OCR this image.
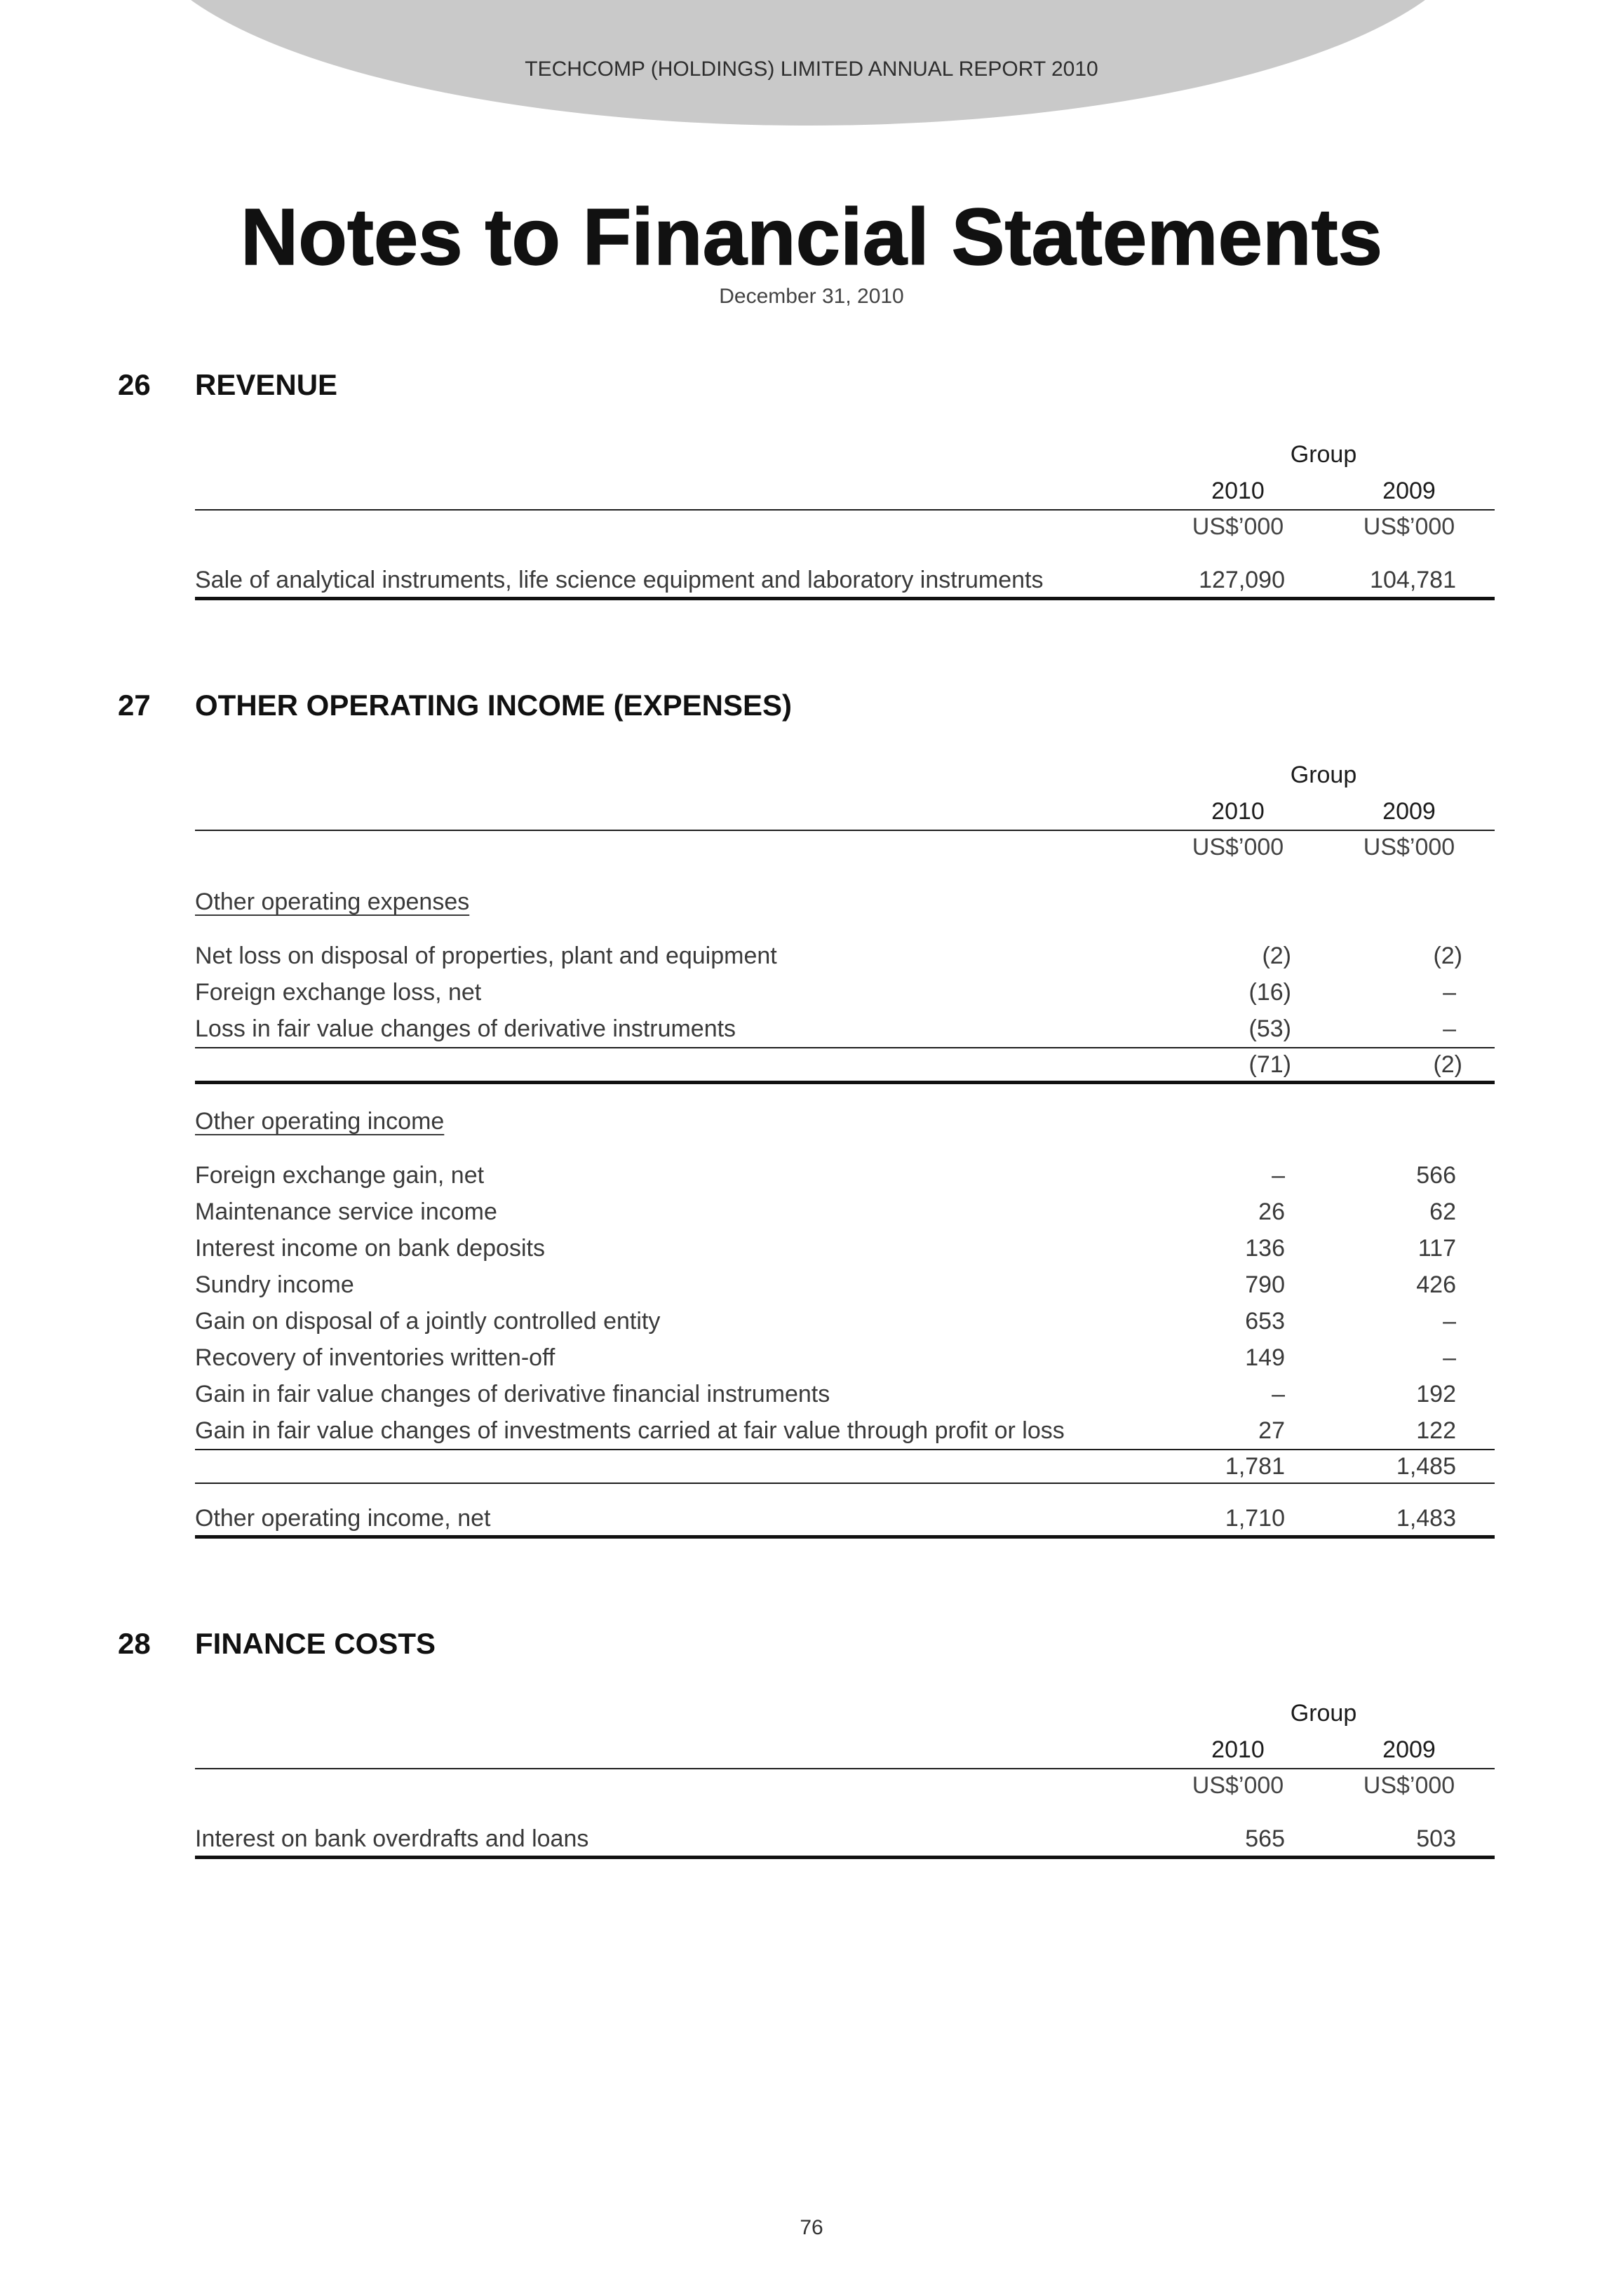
TECHCOMP (HOLDINGS) LIMITED ANNUAL REPORT 2010
Notes to Financial Statements
December 31, 2010
26 REVENUE
Group
2010	2009
US$’000	US$’000
Sale of analytical instruments, life science equipment and laboratory instruments	127,090	104,781
27 OTHER OPERATING INCOME (EXPENSES)
Group
2010	2009
US$’000	US$’000
Other operating expenses
Net loss on disposal of properties, plant and equipment	(2)	(2)
Foreign exchange loss, net	(16)	–
Loss in fair value changes of derivative instruments	(53)	–
(71)	(2)
Other operating income
Foreign exchange gain, net	–	566
Maintenance service income	26	62
Interest income on bank deposits	136	117
Sundry income	790	426
Gain on disposal of a jointly controlled entity	653	–
Recovery of inventories written-off	149	–
Gain in fair value changes of derivative financial instruments	–	192
Gain in fair value changes of investments carried at fair value through profit or loss	27	122
1,781	1,485
Other operating income, net	1,710	1,483
28 FINANCE COSTS
Group
2010	2009
US$’000	US$’000
Interest on bank overdrafts and loans	565	503
76
